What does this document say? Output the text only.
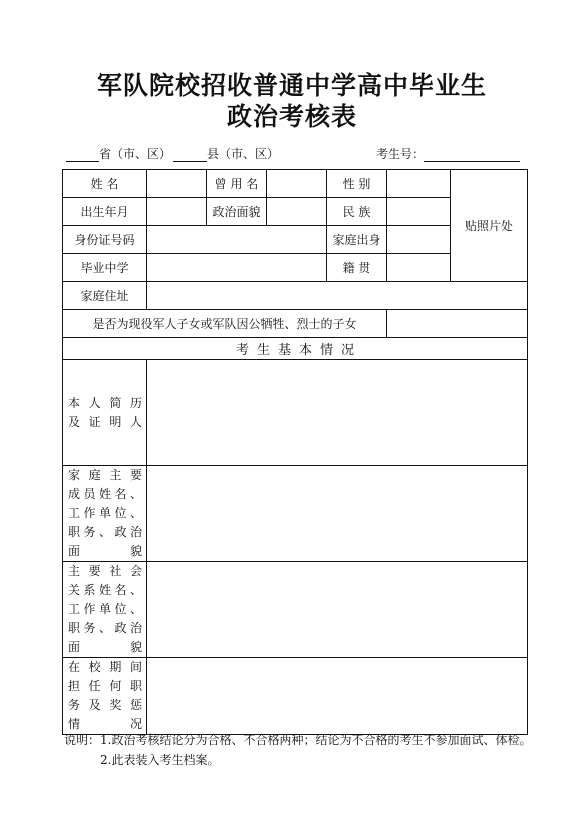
军队院校招收普通中学高中毕业生
政治考核表
省（市、区）	县（市、区）	考生号：
姓 名		曾 用 名		性 别		贴照片处
出生年月		政治面貌		民 族		
身份证号码				家庭出身		
毕业中学				籍 贯		
家庭住址						
是否为现役军人子女或军队因公牺牲、烈士的子女						
考生基本情况						

本 人 简 历
及 证 明 人						

家 庭 主 要
成员姓名、
工作单位、
职务、政治
面 貌						

主 要 社 会
关系姓名、
工作单位、
职务、政治
面 貌						

在 校 期 间
担 任 何 职
务 及 奖 惩
情 况						

说明：1.政治考核结论分为合格、不合格两种；结论为不合格的考生不参加面试、体检。
2.此表装入考生档案。
